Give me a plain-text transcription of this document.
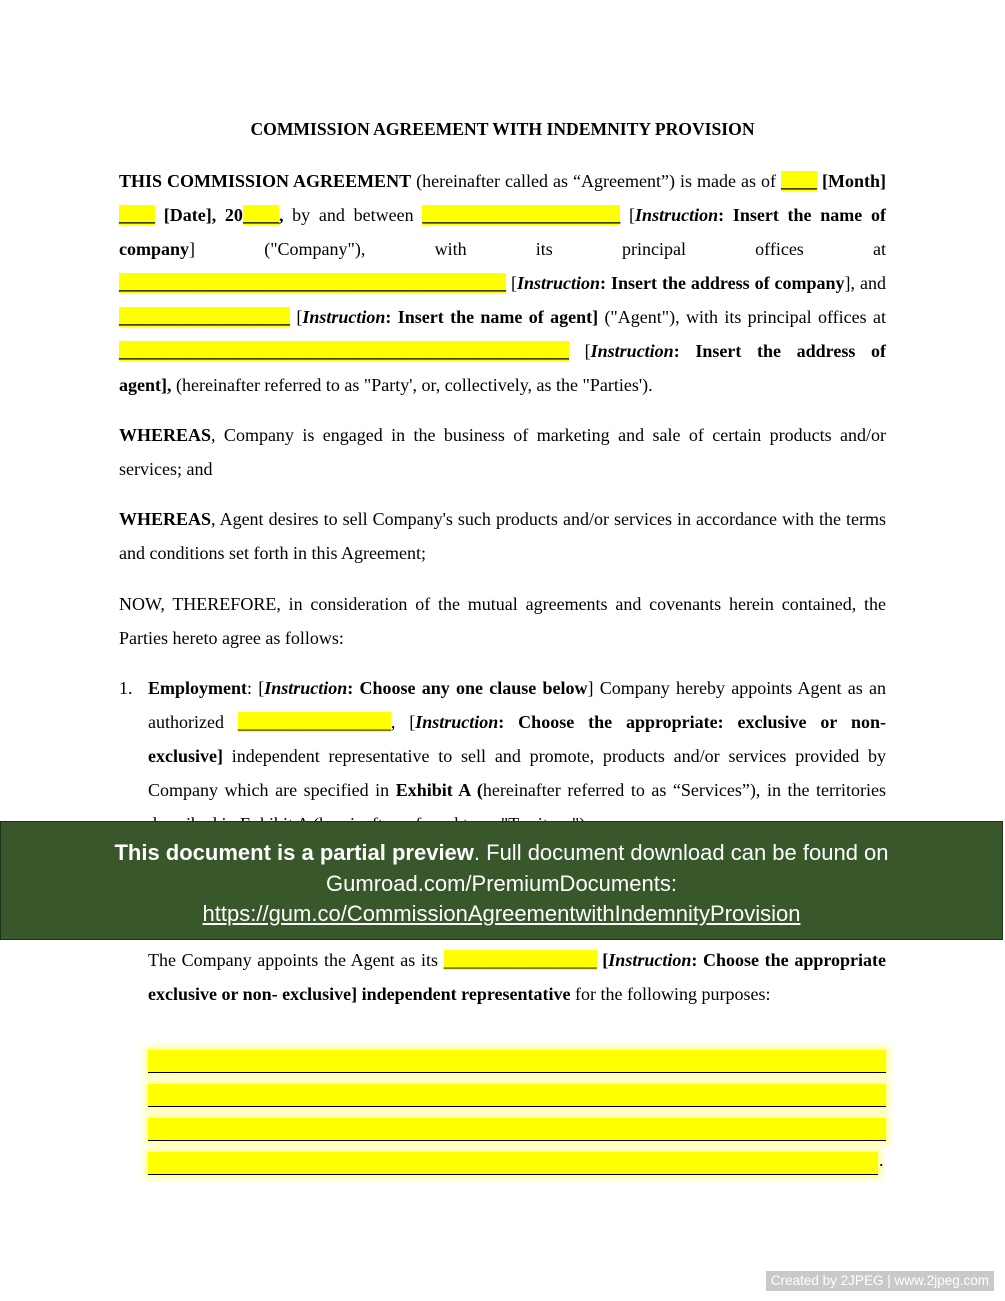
COMMISSION AGREEMENT WITH INDEMNITY PROVISION
THIS COMMISSION AGREEMENT (hereinafter called as “Agreement”) is made as of ____ [Month] ____ [Date], 20____, by and between ______________________ [Instruction: Insert the name of company] ("Company"), with its principal offices at ___________________________________________ [Instruction: Insert the address of company], and ___________________ [Instruction: Insert the name of agent] ("Agent"), with its principal offices at __________________________________________________ [Instruction: Insert the address of agent], (hereinafter referred to as "Party', or, collectively, as the "Parties').
WHEREAS, Company is engaged in the business of marketing and sale of certain products and/or services; and
WHEREAS, Agent desires to sell Company's such products and/or services in accordance with the terms and conditions set forth in this Agreement;
NOW, THEREFORE, in consideration of the mutual agreements and covenants herein contained, the Parties hereto agree as follows:
1. Employment: [Instruction: Choose any one clause below] Company hereby appoints Agent as an authorized _________________, [Instruction: Choose the appropriate: exclusive or non- exclusive] independent representative to sell and promote, products and/or services provided by Company which are specified in Exhibit A (hereinafter referred to as “Services”), in the territories
The Company appoints the Agent as its _________________ [Instruction: Choose the appropriate exclusive or non- exclusive] independent representative for the following purposes:
.
This document is a partial preview. Full document download can be found on
Gumroad.com/PremiumDocuments:
https://gum.co/CommissionAgreementwithIndemnityProvision
Created by 2JPEG | www.2jpeg.com
